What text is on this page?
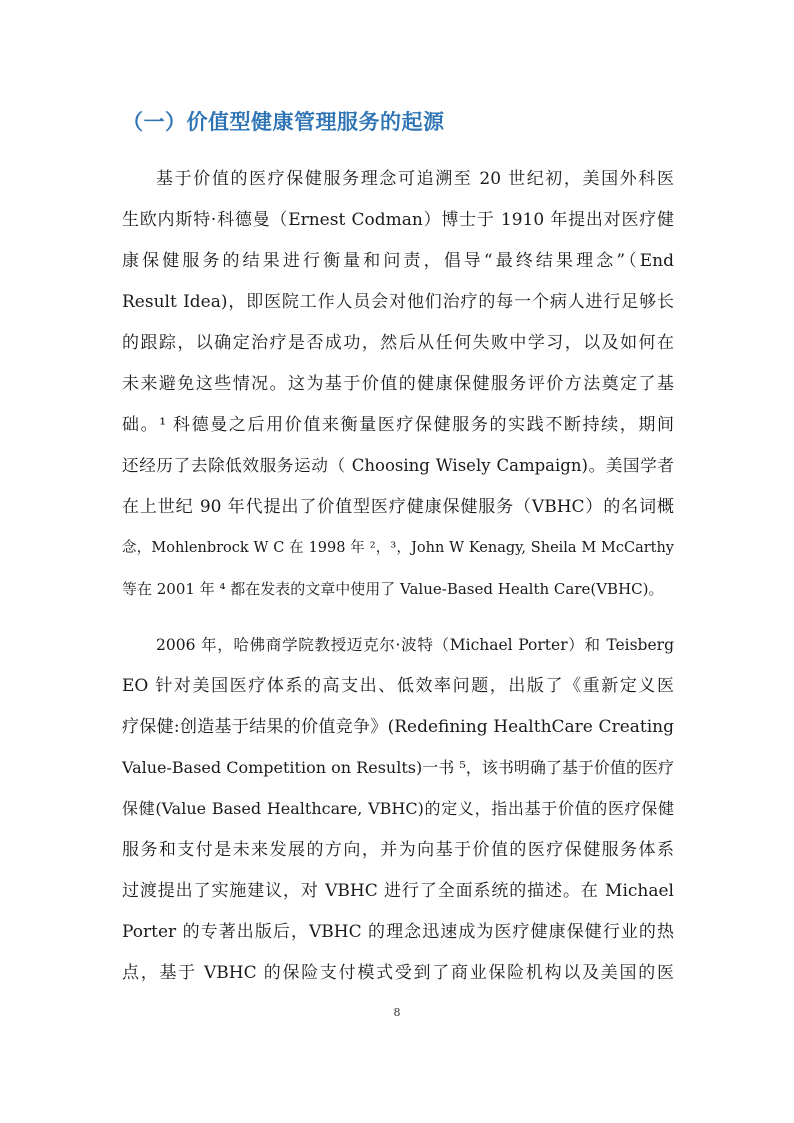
（一）价值型健康管理服务的起源
基于价值的医疗保健服务理念可追溯至 20 世纪初，美国外科医
生欧内斯特·科德曼（Ernest Codman）博士于 1910 年提出对医疗健
康保健服务的结果进行衡量和问责，倡导“最终结果理念”（End
Result Idea)，即医院工作人员会对他们治疗的每一个病人进行足够长
的跟踪，以确定治疗是否成功，然后从任何失败中学习，以及如何在
未来避免这些情况。这为基于价值的健康保健服务评价方法奠定了基
础。¹ 科德曼之后用价值来衡量医疗保健服务的实践不断持续，期间
还经历了去除低效服务运动（ Choosing Wisely Campaign)。美国学者
在上世纪 90 年代提出了价值型医疗健康保健服务（VBHC）的名词概
念，Mohlenbrock W C 在 1998 年 ²，³，John W Kenagy, Sheila M McCarthy
等在 2001 年 ⁴ 都在发表的文章中使用了 Value-Based Health Care(VBHC)。
2006 年，哈佛商学院教授迈克尔·波特（Michael Porter）和 Teisberg
EO 针对美国医疗体系的高支出、低效率问题，出版了《重新定义医
疗保健:创造基于结果的价值竞争》(Redefining HealthCare Creating
Value-Based Competition on Results)一书 ⁵，该书明确了基于价值的医疗
保健(Value Based Healthcare, VBHC)的定义，指出基于价值的医疗保健
服务和支付是未来发展的方向，并为向基于价值的医疗保健服务体系
过渡提出了实施建议，对 VBHC 进行了全面系统的描述。在 Michael
Porter 的专著出版后，VBHC 的理念迅速成为医疗健康保健行业的热
点，基于 VBHC 的保险支付模式受到了商业保险机构以及美国的医
8
